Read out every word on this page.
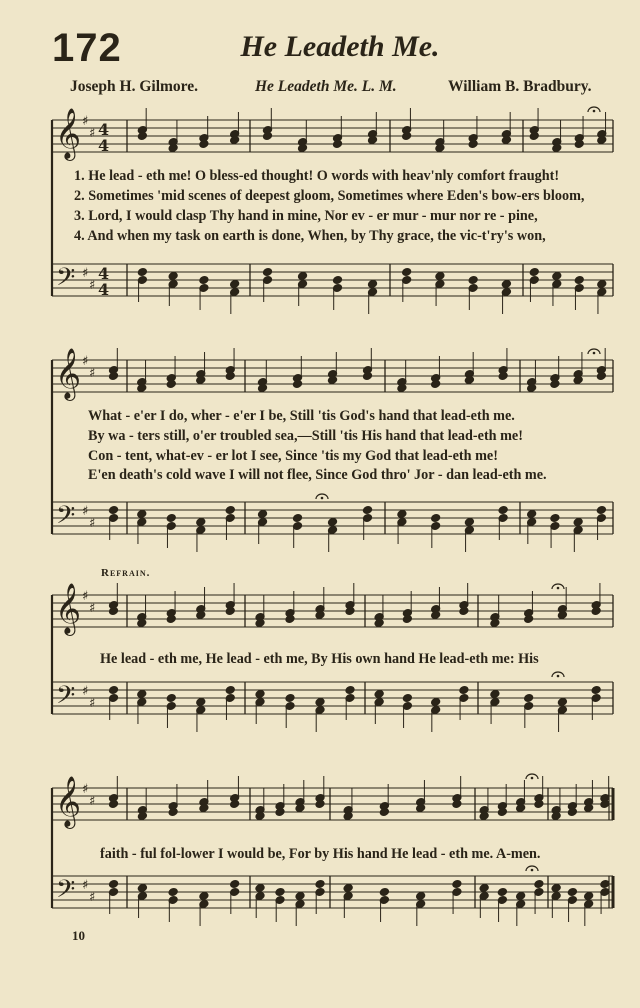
172	He Leadeth Me.
Joseph H. Gilmore.	He Leadeth Me. L. M.	William B. Bradbury.
𝄞
𝄢
♯
♯
♯
♯
4
4
4
4
𝄞
𝄢
♯
♯
♯
♯
𝄞
𝄢
♯
♯
♯
♯
𝄞
𝄢
♯
♯
♯
♯
1. He lead - eth me! O bless-ed thought! O words with heav'nly comfort fraught!
2. Sometimes 'mid scenes of deepest gloom, Sometimes where Eden's bow-ers bloom,
3. Lord, I would clasp Thy hand in mine, Nor ev - er mur - mur nor re - pine,
4. And when my task on earth is done, When, by Thy grace, the vic-t'ry's won,
What - e'er I do, wher - e'er I be, Still 'tis God's hand that lead-eth me.
By wa - ters still, o'er troubled sea,—Still 'tis His hand that lead-eth me!
Con - tent, what-ev - er lot I see, Since 'tis my God that lead-eth me!
E'en death's cold wave I will not flee, Since God thro' Jor - dan lead-eth me.
Refrain.
He lead - eth me, He lead - eth me, By His own hand He lead-eth me: His
faith - ful fol-lower I would be, For by His hand He lead - eth me. A-men.
10
